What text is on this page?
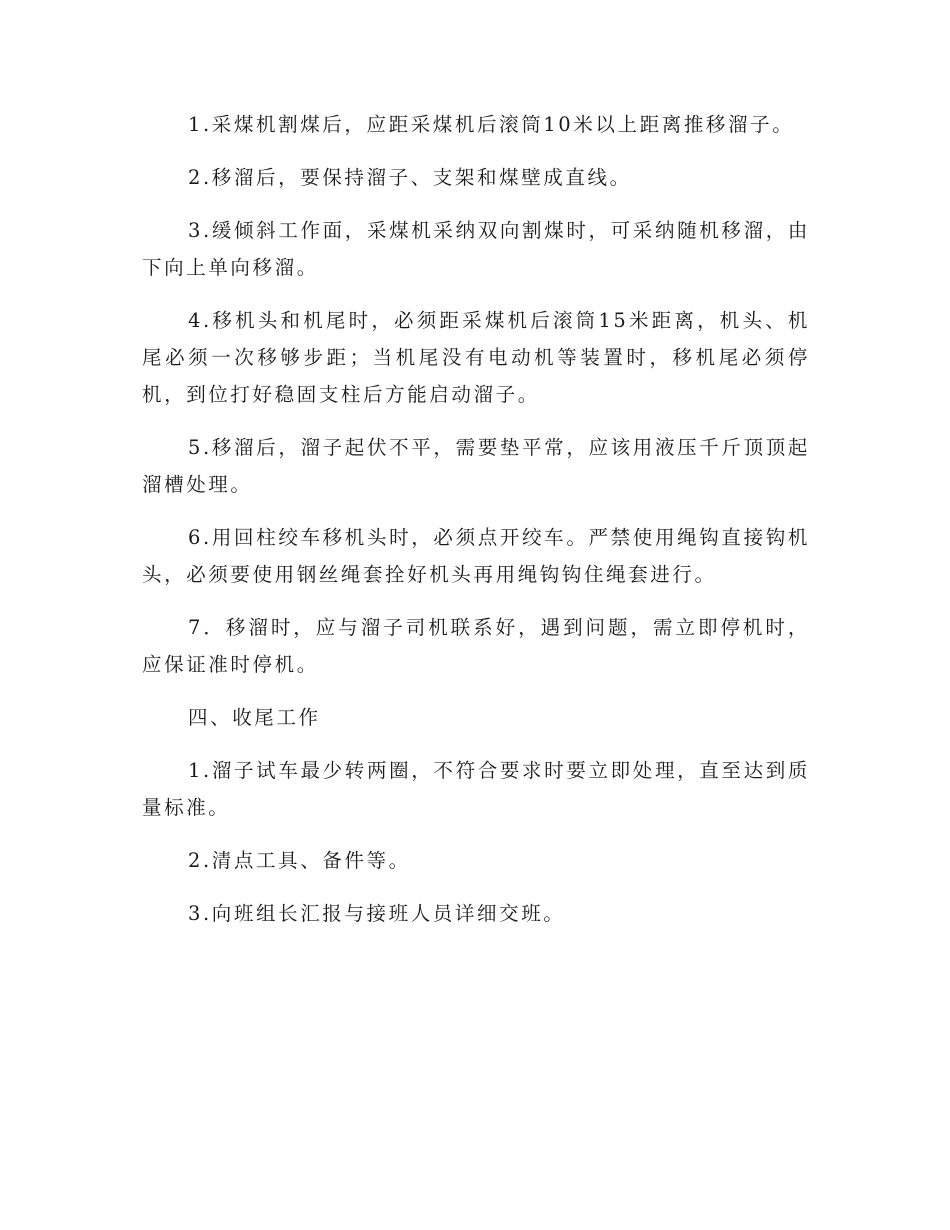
1.采煤机割煤后，应距采煤机后滚筒10米以上距离推移溜子。

2.移溜后，要保持溜子、支架和煤壁成直线。

3.缓倾斜工作面，采煤机采纳双向割煤时，可采纳随机移溜，由下向上单向移溜。

4.移机头和机尾时，必须距采煤机后滚筒15米距离，机头、机尾必须一次移够步距；当机尾没有电动机等装置时，移机尾必须停机，到位打好稳固支柱后方能启动溜子。

5.移溜后，溜子起伏不平，需要垫平常，应该用液压千斤顶顶起溜槽处理。

6.用回柱绞车移机头时，必须点开绞车。严禁使用绳钩直接钩机头，必须要使用钢丝绳套拴好机头再用绳钩钩住绳套进行。

7．移溜时，应与溜子司机联系好，遇到问题，需立即停机时，应保证准时停机。

四、收尾工作

1.溜子试车最少转两圈，不符合要求时要立即处理，直至达到质量标准。

2.清点工具、备件等。

3.向班组长汇报与接班人员详细交班。
